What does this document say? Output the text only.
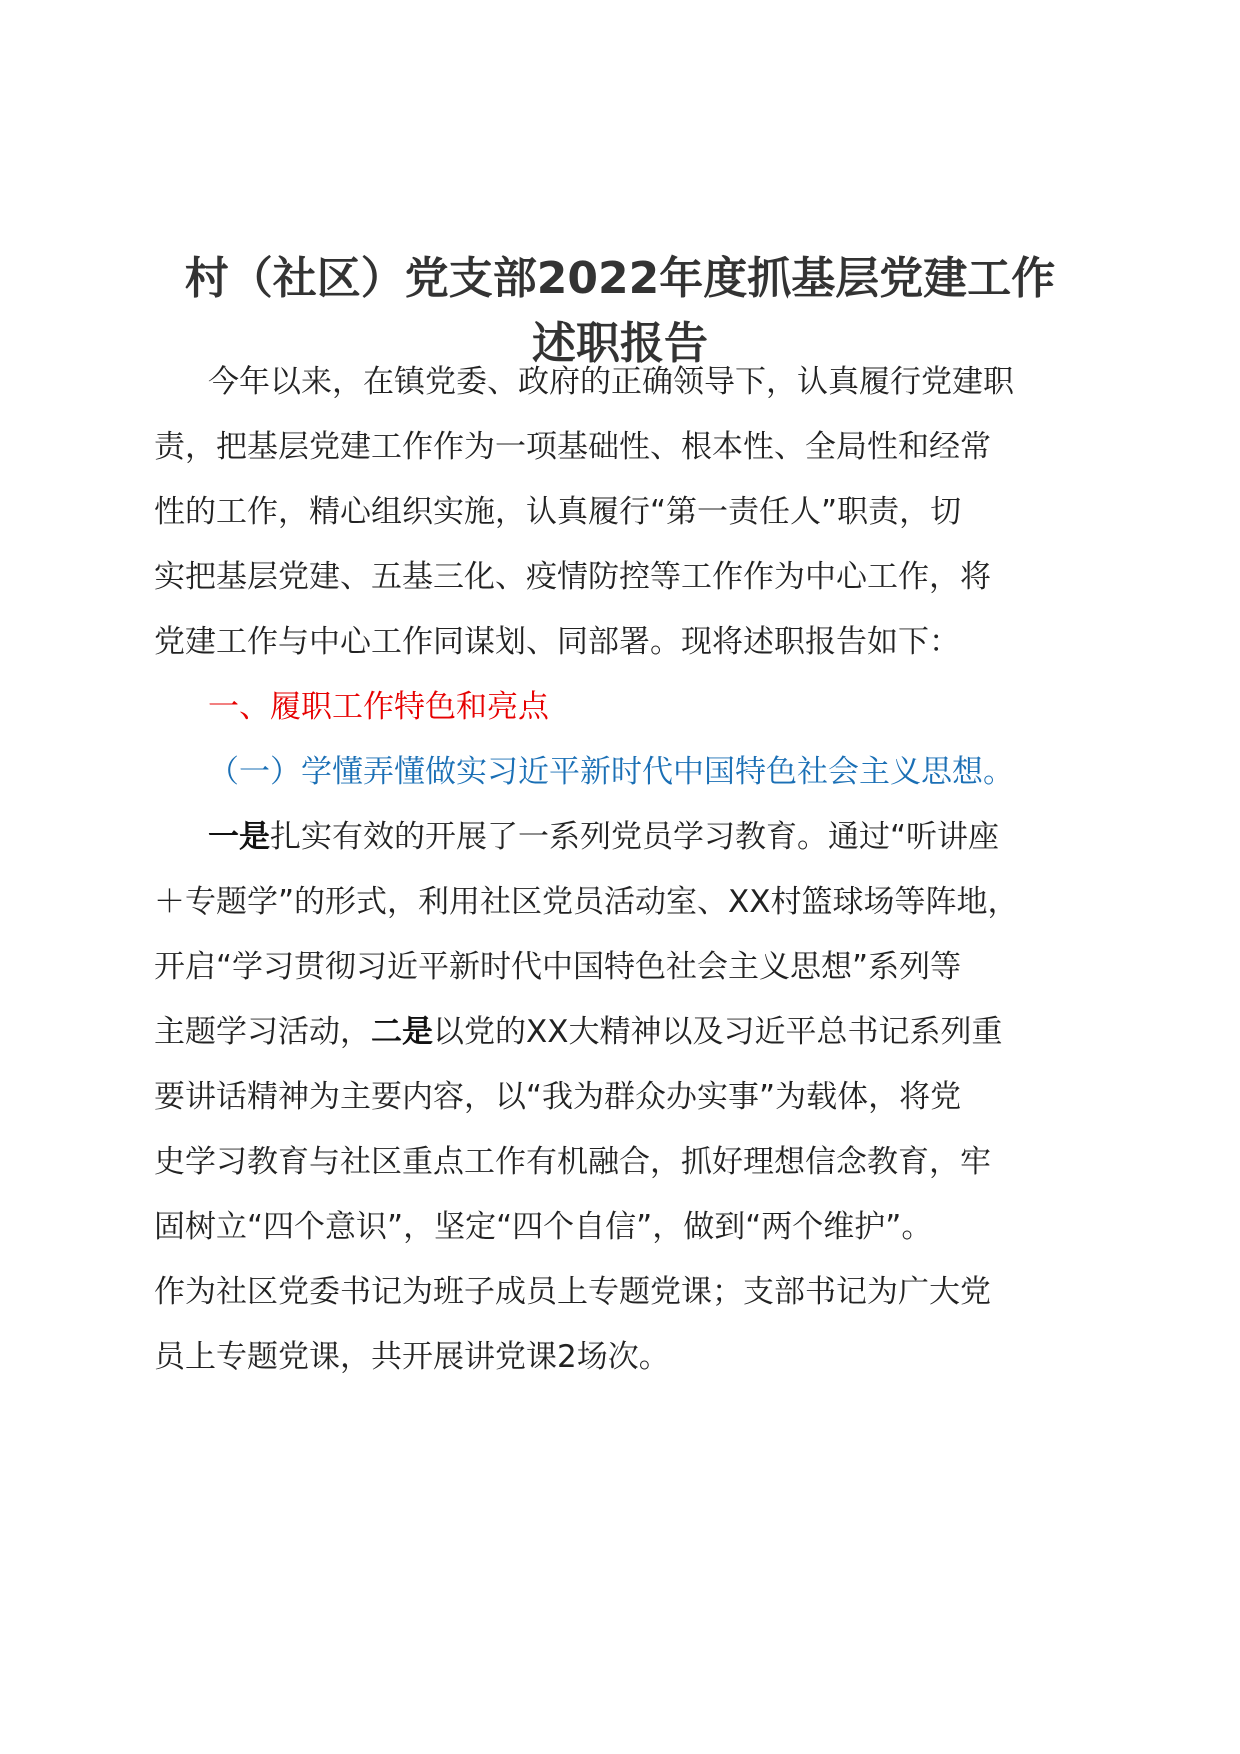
村（社区）党支部2022年度抓基层党建工作
述职报告
今年以来，在镇党委、政府的正确领导下，认真履行党建职
责，把基层党建工作作为一项基础性、根本性、全局性和经常
性的工作，精心组织实施，认真履行“第一责任人”职责，切
实把基层党建、五基三化、疫情防控等工作作为中心工作，将
党建工作与中心工作同谋划、同部署。现将述职报告如下：
一、履职工作特色和亮点
（一）学懂弄懂做实习近平新时代中国特色社会主义思想。
一是扎实有效的开展了一系列党员学习教育。通过“听讲座
＋专题学”的形式，利用社区党员活动室、XX村篮球场等阵地，
开启“学习贯彻习近平新时代中国特色社会主义思想”系列等
主题学习活动，二是以党的XX大精神以及习近平总书记系列重
要讲话精神为主要内容，以“我为群众办实事”为载体，将党
史学习教育与社区重点工作有机融合，抓好理想信念教育，牢
固树立“四个意识”，坚定“四个自信”，做到“两个维护”。
作为社区党委书记为班子成员上专题党课；支部书记为广大党
员上专题党课，共开展讲党课2场次。
